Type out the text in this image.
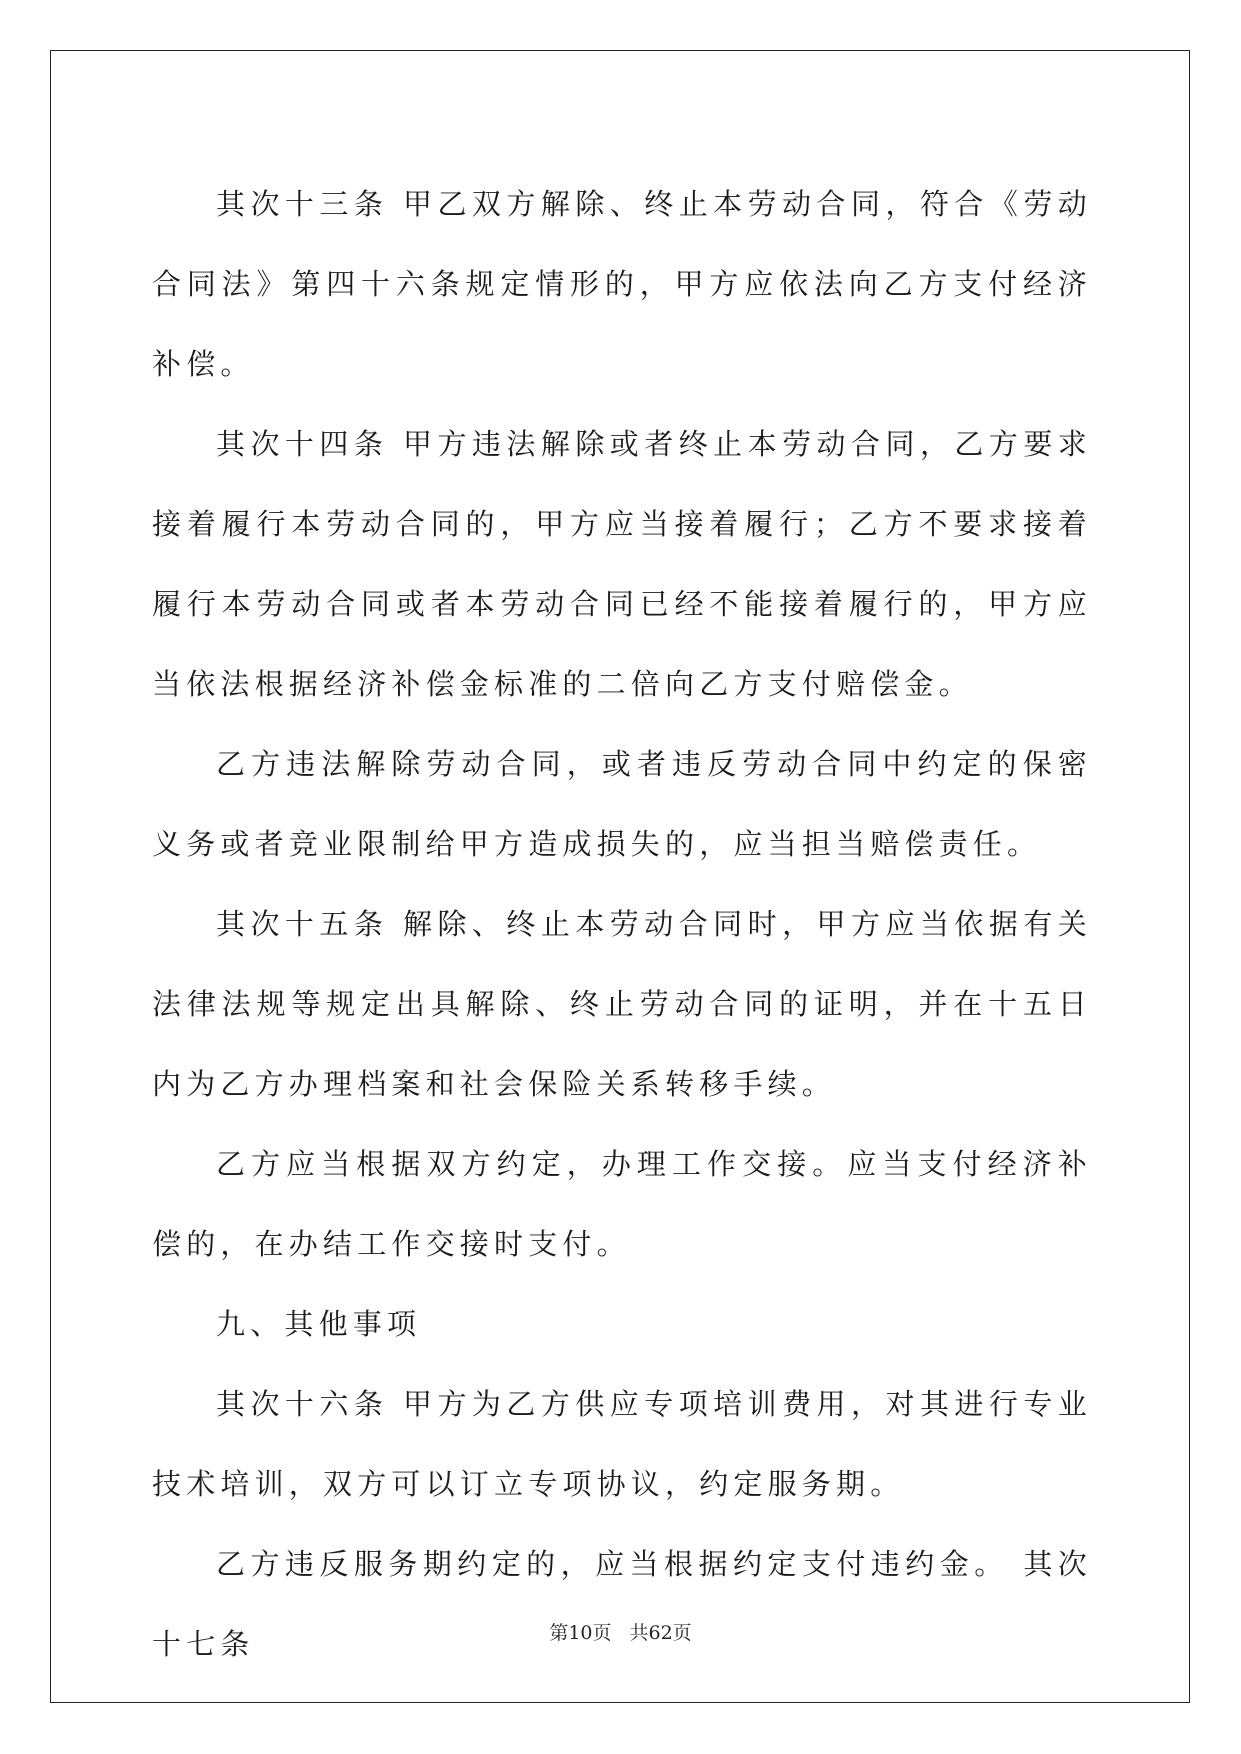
其次十三条 甲乙双方解除、终止本劳动合同，符合《劳动合同法》第四十六条规定情形的，甲方应依法向乙方支付经济补偿。

其次十四条 甲方违法解除或者终止本劳动合同，乙方要求接着履行本劳动合同的，甲方应当接着履行；乙方不要求接着履行本劳动合同或者本劳动合同已经不能接着履行的，甲方应当依法根据经济补偿金标准的二倍向乙方支付赔偿金。

乙方违法解除劳动合同，或者违反劳动合同中约定的保密义务或者竞业限制给甲方造成损失的，应当担当赔偿责任。

其次十五条 解除、终止本劳动合同时，甲方应当依据有关法律法规等规定出具解除、终止劳动合同的证明，并在十五日内为乙方办理档案和社会保险关系转移手续。

乙方应当根据双方约定，办理工作交接。应当支付经济补偿的，在办结工作交接时支付。

九、其他事项

其次十六条 甲方为乙方供应专项培训费用，对其进行专业技术培训，双方可以订立专项协议，约定服务期。

乙方违反服务期约定的，应当根据约定支付违约金。 其次十七条	第10页 共62页
